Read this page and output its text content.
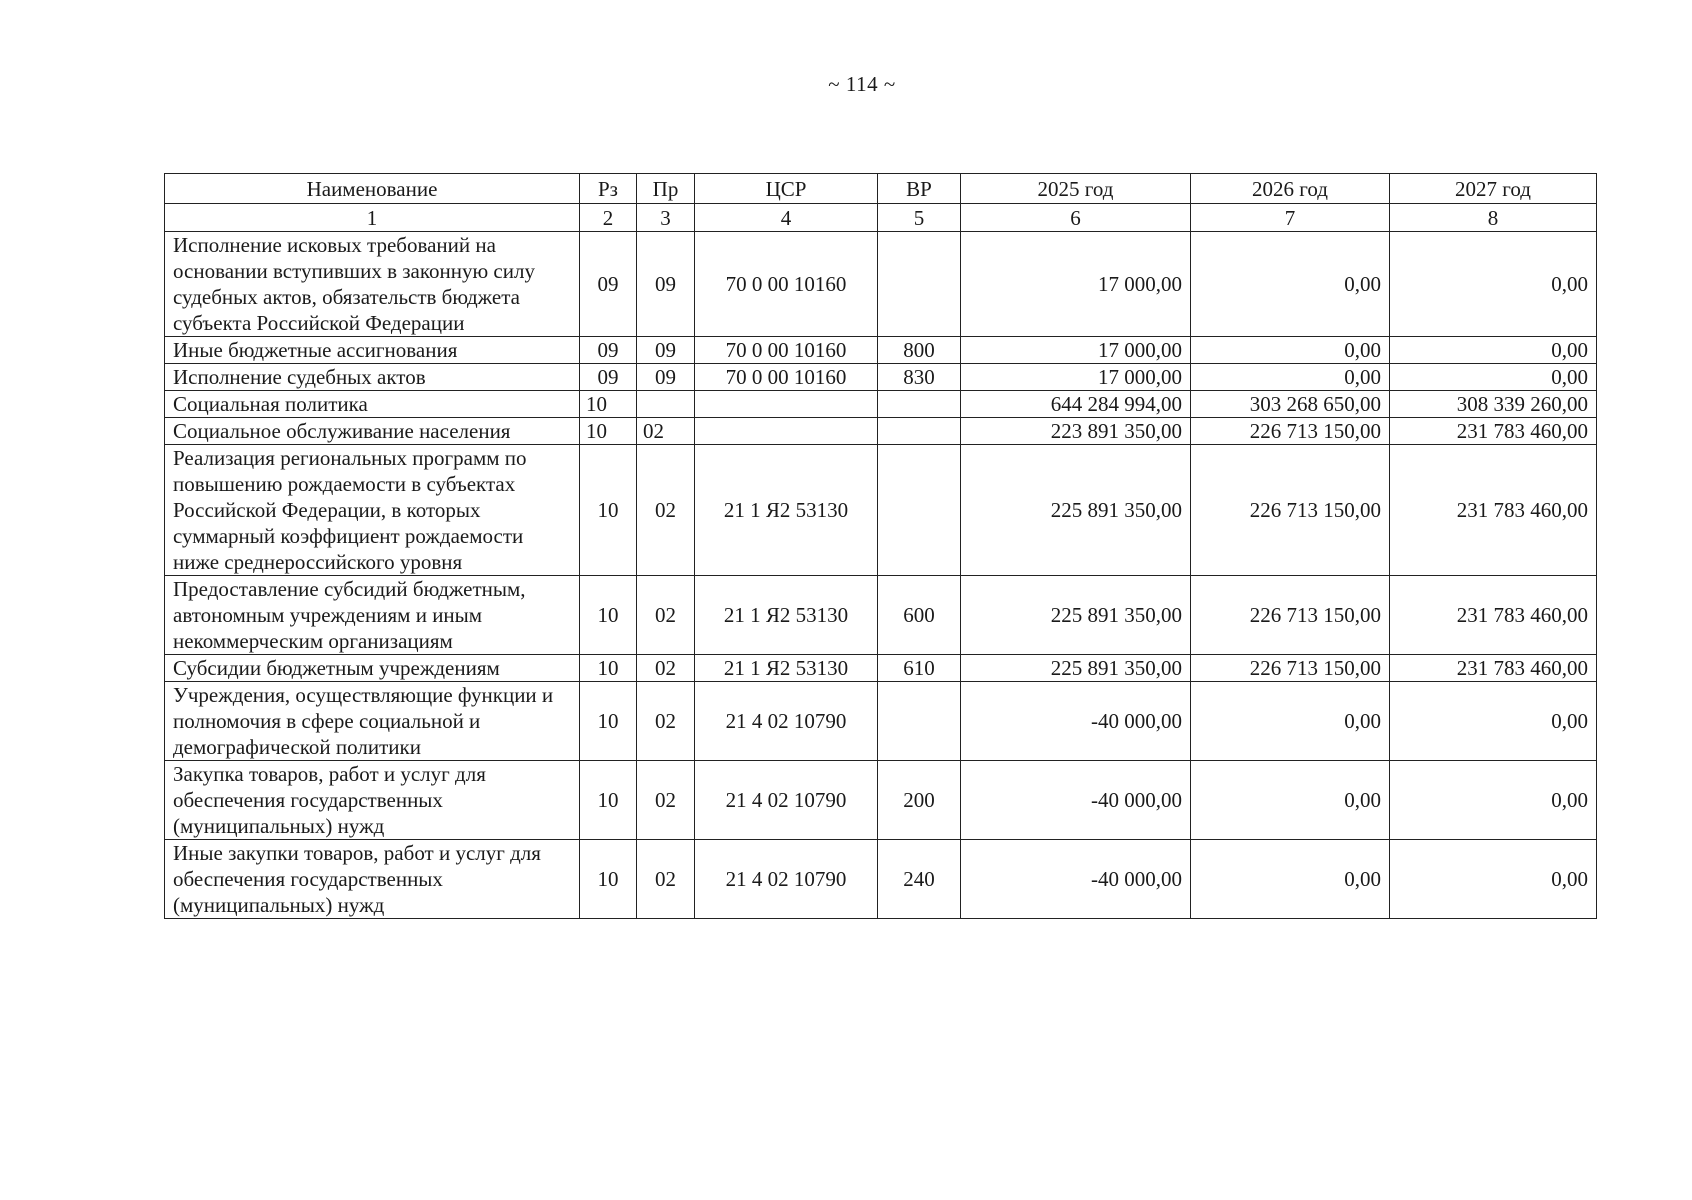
~ 114 ~
Наименование	Рз	Пр	ЦСР	ВР	2025 год	2026 год	2027 год
1	2	3	4	5	6	7	8
Исполнение исковых требований на основании вступивших в законную силу судебных актов, обязательств бюджета субъекта Российской Федерации	09	09	70 0 00 10160		17 000,00	0,00	0,00
Иные бюджетные ассигнования	09	09	70 0 00 10160	800	17 000,00	0,00	0,00
Исполнение судебных актов	09	09	70 0 00 10160	830	17 000,00	0,00	0,00
Социальная политика	10				644 284 994,00	303 268 650,00	308 339 260,00
Социальное обслуживание населения	10	02			223 891 350,00	226 713 150,00	231 783 460,00
Реализация региональных программ по повышению рождаемости в субъектах Российской Федерации, в которых суммарный коэффициент рождаемости ниже среднероссийского уровня	10	02	21 1 Я2 53130		225 891 350,00	226 713 150,00	231 783 460,00
Предоставление субсидий бюджетным, автономным учреждениям и иным некоммерческим организациям	10	02	21 1 Я2 53130	600	225 891 350,00	226 713 150,00	231 783 460,00
Субсидии бюджетным учреждениям	10	02	21 1 Я2 53130	610	225 891 350,00	226 713 150,00	231 783 460,00
Учреждения, осуществляющие функции и полномочия в сфере социальной и демографической политики	10	02	21 4 02 10790		-40 000,00	0,00	0,00
Закупка товаров, работ и услуг для обеспечения государственных (муниципальных) нужд	10	02	21 4 02 10790	200	-40 000,00	0,00	0,00
Иные закупки товаров, работ и услуг для обеспечения государственных (муниципальных) нужд	10	02	21 4 02 10790	240	-40 000,00	0,00	0,00
